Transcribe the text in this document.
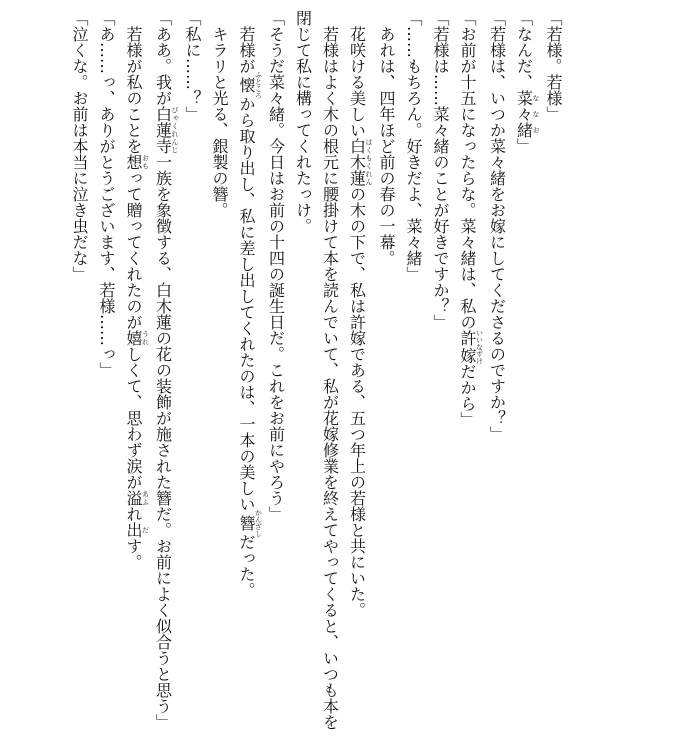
「若様。若様」

「なんだ、菜々緒ななお」

「若様は、いつか菜々緒をお嫁にしてくださるのですか？」

「お前が十五になったらな。菜々緒は、私の許嫁いいなずけだから」

「若様は……菜々緒のことが好きですか？」

「……もちろん。好きだよ、菜々緒」

　あれは、四年ほど前の春の一幕。

　花咲ける美しい白木蓮はくもくれんの木の下で、私は許嫁である、五つ年上の若様と共にいた。

　若様はよく木の根元に腰掛けて本を読んでいて、私が花嫁修業を終えてやってくると、いつも本を閉じて私に構ってくれたっけ。

「そうだ菜々緒。今日はお前の十四の誕生日だ。これをお前にやろう」

　若様が懐ふところから取り出し、私に差し出してくれたのは、一本の美しい簪かんざしだった。

　キラリと光る、銀製の簪。

「私に……？」

「ああ。我が白蓮寺びゃくれんじ一族を象徴する、白木蓮の花の装飾が施された簪だ。お前によく似合うと思う」

　若様が私のことを想おもって贈ってくれたのが嬉うれしくて、思わず涙が溢あふれ出だす。

「あ……っ、ありがとうございます、若様……っ」

「泣くな。お前は本当に泣き虫だな」
